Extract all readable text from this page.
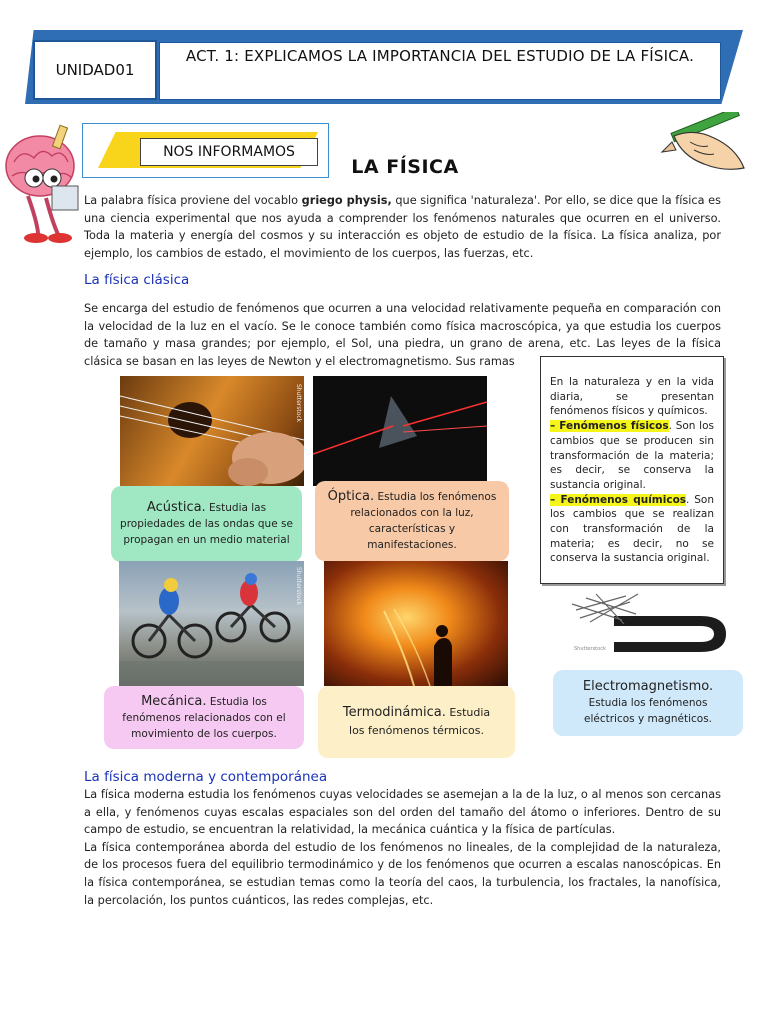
UNIDAD01
ACT. 1: EXPLICAMOS LA IMPORTANCIA DEL ESTUDIO DE LA FÍSICA.
NOS INFORMAMOS
LA FÍSICA
La palabra física proviene del vocablo griego physis, que significa 'naturaleza'. Por ello, se dice que la física es una ciencia experimental que nos ayuda a comprender los fenómenos naturales que ocurren en el universo. Toda la materia y energía del cosmos y su interacción es objeto de estudio de la física. La física analiza, por ejemplo, los cambios de estado, el movimiento de los cuerpos, las fuerzas, etc.
La física clásica
Se encarga del estudio de fenómenos que ocurren a una velocidad relativamente pequeña en comparación con la velocidad de la luz en el vacío. Se le conoce también como física macroscópica, ya que estudia los cuerpos de tamaño y masa grandes; por ejemplo, el Sol, una piedra, un grano de arena, etc. Las leyes de la física clásica se basan en las leyes de Newton y el electromagnetismo. Sus ramas
Shutterstock
Acústica. Estudia las propiedades de las ondas que se propagan en un medio material
Óptica. Estudia los fenómenos relacionados con la luz, características y manifestaciones.
Shutterstock
Mecánica. Estudia los fenómenos relacionados con el movimiento de los cuerpos.
Termodinámica. Estudia los fenómenos térmicos.
En la naturaleza y en la vida diaria, se presentan fenómenos físicos y químicos.
– Fenómenos físicos. Son los cambios que se producen sin transformación de la materia; es decir, se conserva la sustancia original.
– Fenómenos químicos. Son los cambios que se realizan con transformación de la materia; es decir, no se conserva la sustancia original.
Shutterstock
Electromagnetismo.
Estudia los fenómenos eléctricos y magnéticos.
La física moderna y contemporánea
La física moderna estudia los fenómenos cuyas velocidades se asemejan a la de la luz, o al menos son cercanas a ella, y fenómenos cuyas escalas espaciales son del orden del tamaño del átomo o inferiores. Dentro de su campo de estudio, se encuentran la relatividad, la mecánica cuántica y la física de partículas.
La física contemporánea aborda del estudio de los fenómenos no lineales, de la complejidad de la naturaleza, de los procesos fuera del equilibrio termodinámico y de los fenómenos que ocurren a escalas nanoscópicas. En la física contemporánea, se estudian temas como la teoría del caos, la turbulencia, los fractales, la nanofísica, la percolación, los puntos cuánticos, las redes complejas, etc.
